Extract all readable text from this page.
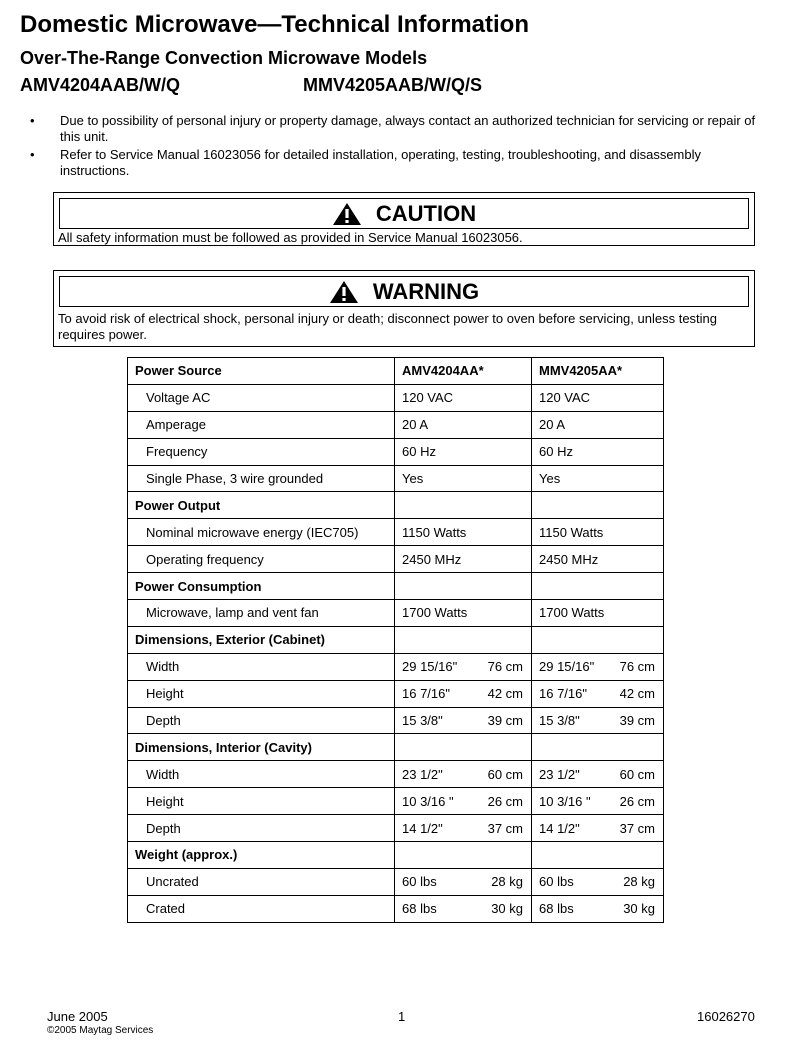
Domestic Microwave—Technical Information
Over-The-Range Convection Microwave Models
AMV4204AAB/W/Q	MMV4205AAB/W/Q/S
• Due to possibility of personal injury or property damage, always contact an authorized technician for servicing or repair of this unit.
• Refer to Service Manual 16023056 for detailed installation, operating, testing, troubleshooting, and disassembly instructions.
CAUTION
All safety information must be followed as provided in Service Manual 16023056.
WARNING
To avoid risk of electrical shock, personal injury or death; disconnect power to oven before servicing, unless testing requires power.
Power Source	AMV4204AA*	MMV4205AA*
Voltage AC	120 VAC	120 VAC
Amperage	20 A	20 A
Frequency	60 Hz	60 Hz
Single Phase, 3 wire grounded	Yes	Yes
Power Output		
Nominal microwave energy (IEC705)	1150 Watts	1150 Watts
Operating frequency	2450 MHz	2450 MHz
Power Consumption		
Microwave, lamp and vent fan	1700 Watts	1700 Watts
Dimensions, Exterior (Cabinet)		
Width	29 15/16" 76 cm	29 15/16" 76 cm

Height	16 7/16" 42 cm	16 7/16" 42 cm

Depth	15 3/8" 39 cm	15 3/8" 39 cm

Dimensions, Interior (Cavity)		
Width	23 1/2" 60 cm	23 1/2" 60 cm

Height	10 3/16 " 26 cm	10 3/16 " 26 cm

Depth	14 1/2" 37 cm	14 1/2" 37 cm

Weight (approx.)		
Uncrated	60 lbs 28 kg	60 lbs 28 kg

Crated	68 lbs 30 kg	68 lbs 30 kg
June 2005
©2005 Maytag Services
1	16026270
